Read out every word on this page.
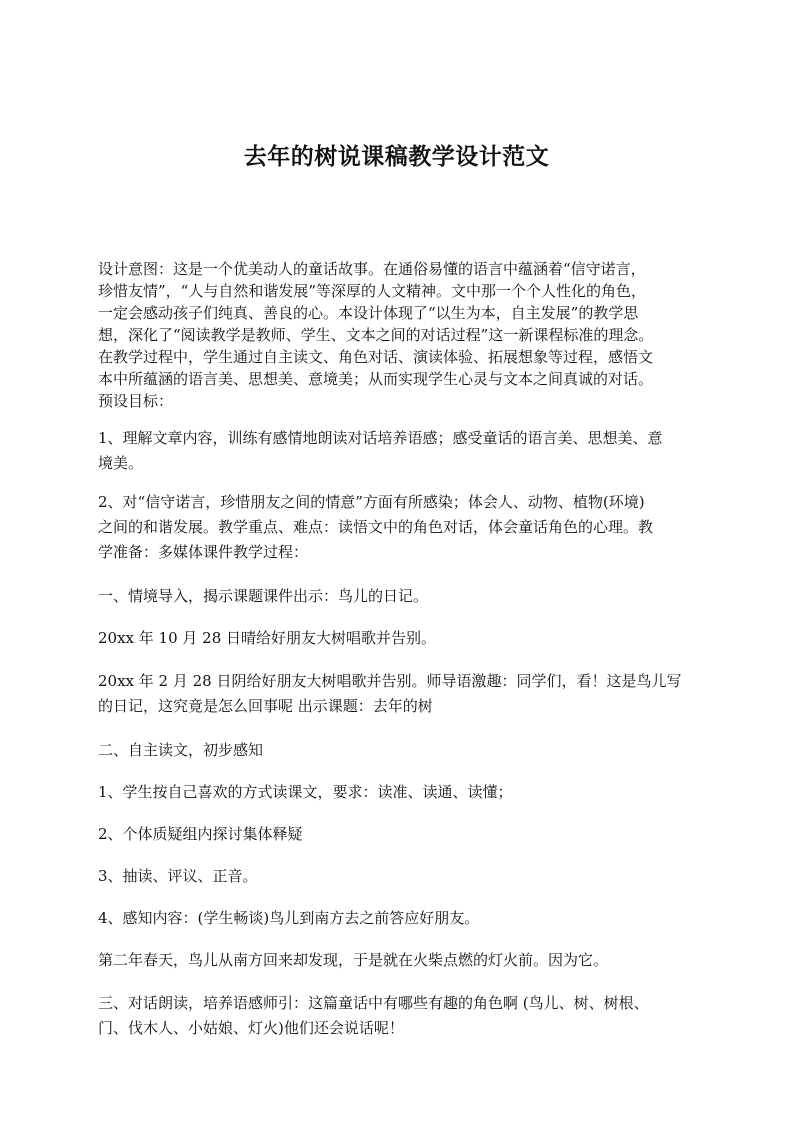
去年的树说课稿教学设计范文

设计意图：这是一个优美动人的童话故事。在通俗易懂的语言中蕴涵着“信守诺言，

珍惜友情”，“人与自然和谐发展”等深厚的人文精神。文中那一个个人性化的角色，

一定会感动孩子们纯真、善良的心。本设计体现了“以生为本，自主发展”的教学思

想，深化了“阅读教学是教师、学生、文本之间的对话过程”这一新课程标准的理念。

在教学过程中，学生通过自主读文、角色对话、演读体验、拓展想象等过程，感悟文

本中所蕴涵的语言美、思想美、意境美；从而实现学生心灵与文本之间真诚的对话。

预设目标：

1、理解文章内容，训练有感情地朗读对话培养语感；感受童话的语言美、思想美、意

境美。

2、对“信守诺言，珍惜朋友之间的情意”方面有所感染；体会人、动物、植物(环境)

之间的和谐发展。教学重点、难点：读悟文中的角色对话，体会童话角色的心理。教

学准备：多媒体课件教学过程：

一、情境导入，揭示课题课件出示：鸟儿的日记。

20xx 年 10 月 28 日晴给好朋友大树唱歌并告别。

20xx 年 2 月 28 日阴给好朋友大树唱歌并告别。师导语激趣：同学们，看！这是鸟儿写

的日记，这究竟是怎么回事呢 出示课题：去年的树

二、自主读文，初步感知

1、学生按自己喜欢的方式读课文，要求：读准、读通、读懂；

2、个体质疑组内探讨集体释疑

3、抽读、评议、正音。

4、感知内容：(学生畅谈)鸟儿到南方去之前答应好朋友。

第二年春天，鸟儿从南方回来却发现，于是就在火柴点燃的灯火前。因为它。

三、对话朗读，培养语感师引：这篇童话中有哪些有趣的角色啊 (鸟儿、树、树根、

门、伐木人、小姑娘、灯火)他们还会说话呢！
